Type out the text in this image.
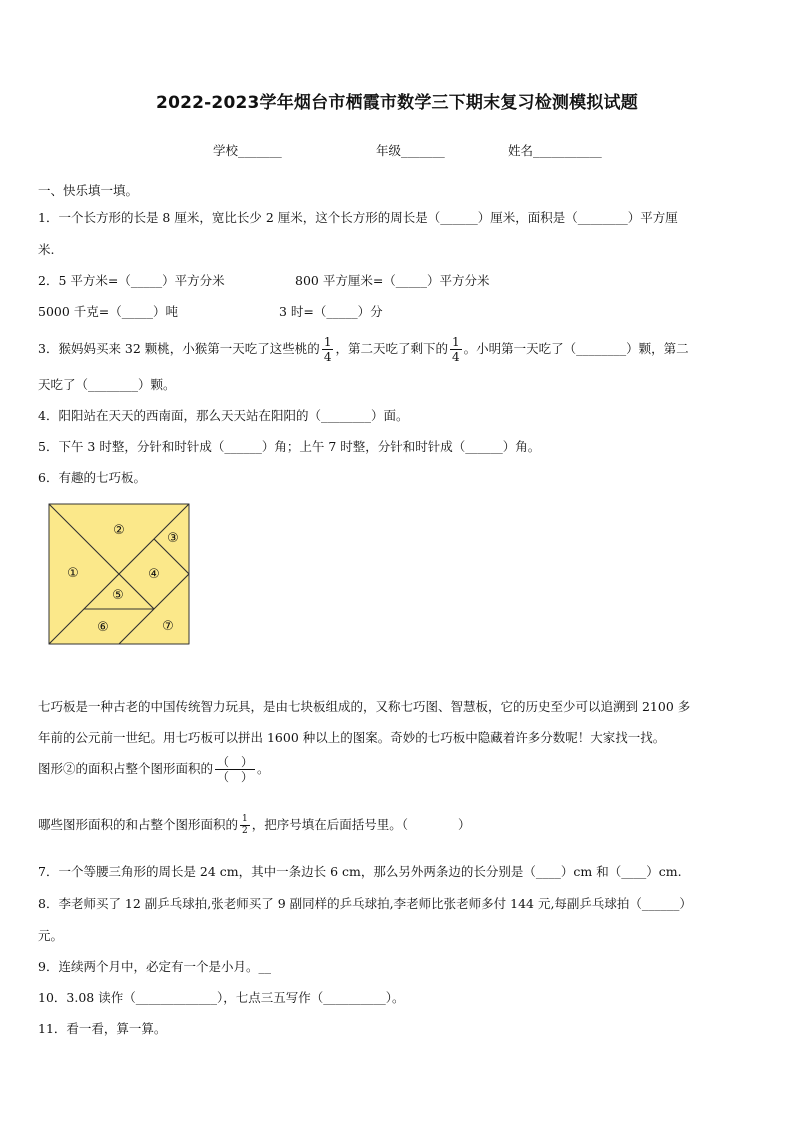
2022-2023学年烟台市栖霞市数学三下期末复习检测模拟试题
学校_______	年级_______	姓名___________
一、快乐填一填。
1．一个长方形的长是 8 厘米，宽比长少 2 厘米，这个长方形的周长是（______）厘米，面积是（________）平方厘
米.
2．5 平方米=（_____）平方分米	800 平方厘米=（_____）平方分米
5000 千克=（_____）吨	3 时=（_____）分
3．猴妈妈买来 32 颗桃，小猴第一天吃了这些桃的 $\frac{1}{4}$ ，第二天吃了剩下的 $\frac{1}{4}$ 。小明第一天吃了（________）颗，第二
天吃了（________）颗。
4．阳阳站在天天的西南面，那么天天站在阳阳的（________）面。
5．下午 3 时整，分针和时针成（______）角；上午 7 时整，分针和时针成（______）角。
6．有趣的七巧板。
①
②
③
④
⑤
⑥	⑦
七巧板是一种古老的中国传统智力玩具，是由七块板组成的，又称七巧图、智慧板，它的历史至少可以追溯到 2100 多
年前的公元前一世纪。用七巧板可以拼出 1600 种以上的图案。奇妙的七巧板中隐藏着许多分数呢！大家找一找。
图形②的面积占整个图形面积的 $\frac{( )}{( )}$ 。
哪些图形面积的和占整个图形面积的 $\frac{1}{2}$ ，把序号填在后面括号里。（　　　　）
7．一个等腰三角形的周长是 24 cm，其中一条边长 6 cm，那么另外两条边的长分别是（____）cm 和（____）cm.
8．李老师买了 12 副乒乓球拍,张老师买了 9 副同样的乒乓球拍,李老师比张老师多付 144 元,每副乒乓球拍（______）
元。
9．连续两个月中，必定有一个是小月。__
10．3.08 读作（_____________），七点三五写作（__________）。
11．看一看，算一算。
